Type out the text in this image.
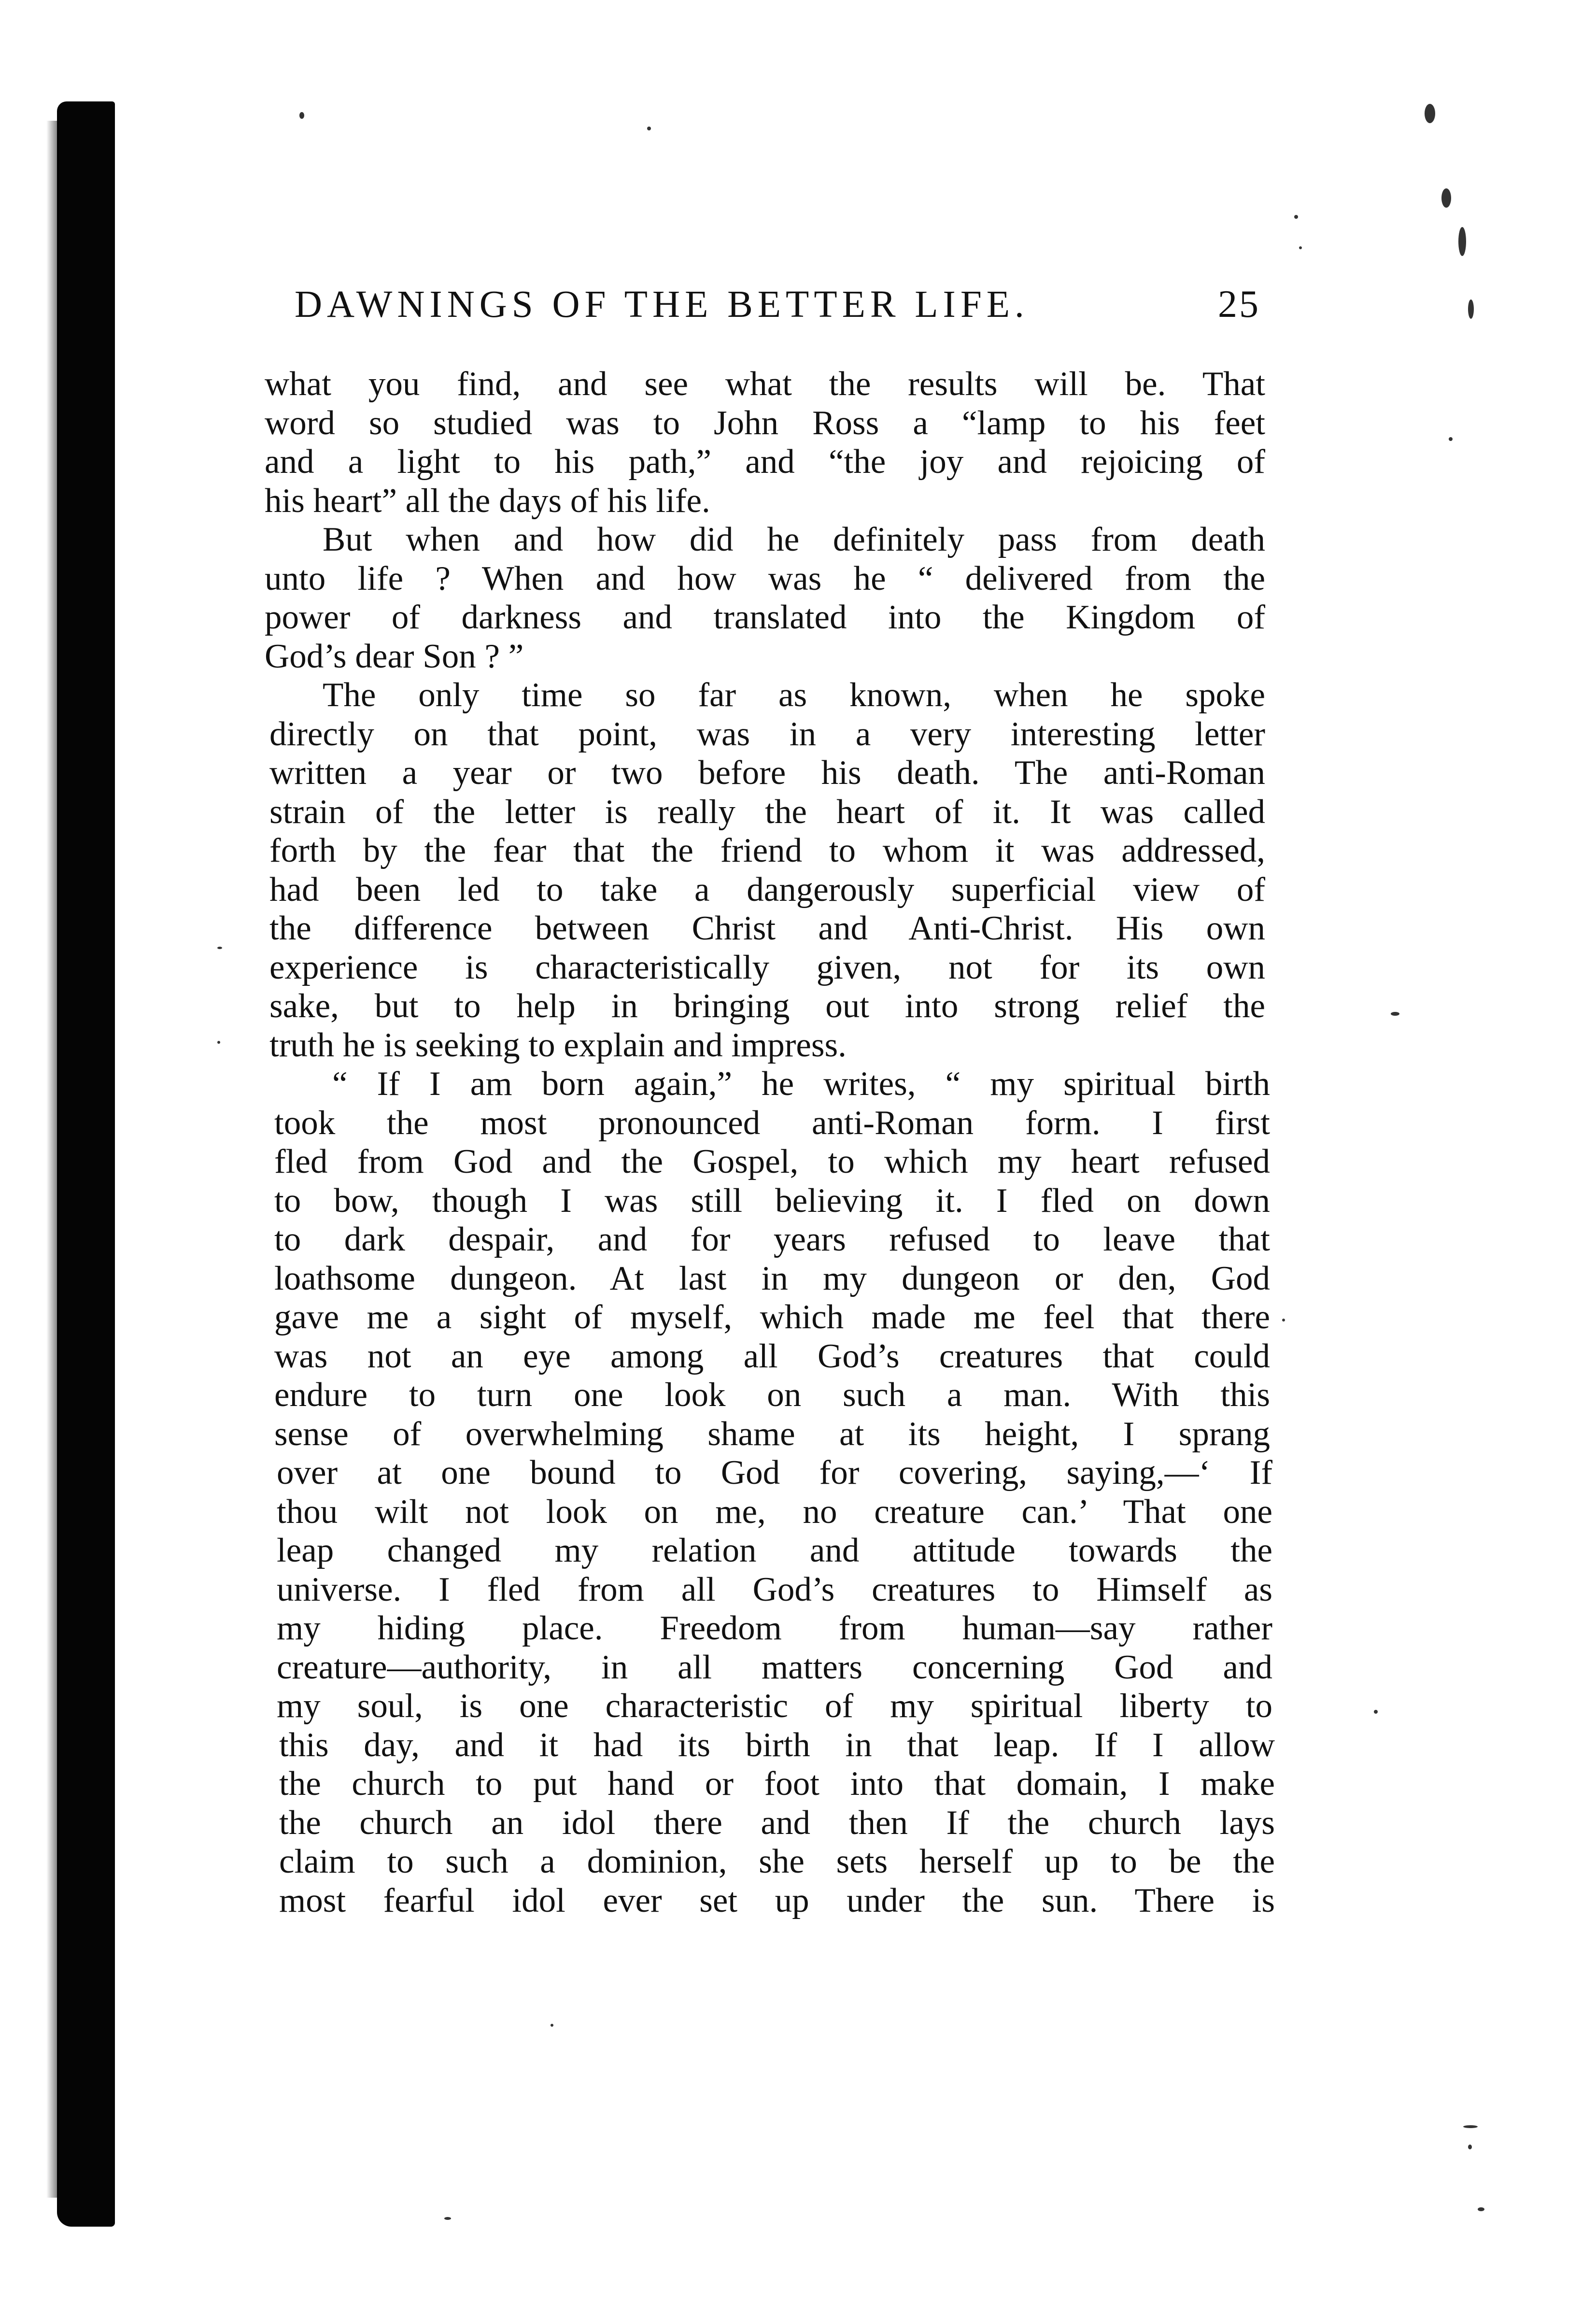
DAWNINGS OF THE BETTER LIFE.	25
what you find, and see what the results will be. That
word so studied was to John Ross a “lamp to his feet
and a light to his path,” and “the joy and rejoicing of
his heart” all the days of his life.
But when and how did he definitely pass from death
unto life ? When and how was he “ delivered from the
power of darkness and translated into the Kingdom of
God’s dear Son ? ”
The only time so far as known, when he spoke
directly on that point, was in a very interesting letter
written a year or two before his death. The anti-Roman
strain of the letter is really the heart of it. It was called
forth by the fear that the friend to whom it was addressed,
had been led to take a dangerously superficial view of
the difference between Christ and Anti-Christ. His own
experience is characteristically given, not for its own
sake, but to help in bringing out into strong relief the
truth he is seeking to explain and impress.
“ If I am born again,” he writes, “ my spiritual birth
took the most pronounced anti-Roman form. I first
fled from God and the Gospel, to which my heart refused
to bow, though I was still believing it. I fled on down
to dark despair, and for years refused to leave that
loathsome dungeon. At last in my dungeon or den, God
gave me a sight of myself, which made me feel that there
was not an eye among all God’s creatures that could
endure to turn one look on such a man. With this
sense of overwhelming shame at its height, I sprang
over at one bound to God for covering, saying,—‘ If
thou wilt not look on me, no creature can.’ That one
leap changed my relation and attitude towards the
universe. I fled from all God’s creatures to Himself as
my hiding place. Freedom from human—say rather
creature—authority, in all matters concerning God and
my soul, is one characteristic of my spiritual liberty to
this day, and it had its birth in that leap. If I allow
the church to put hand or foot into that domain, I make
the church an idol there and then If the church lays
claim to such a dominion, she sets herself up to be the
most fearful idol ever set up under the sun. There is
